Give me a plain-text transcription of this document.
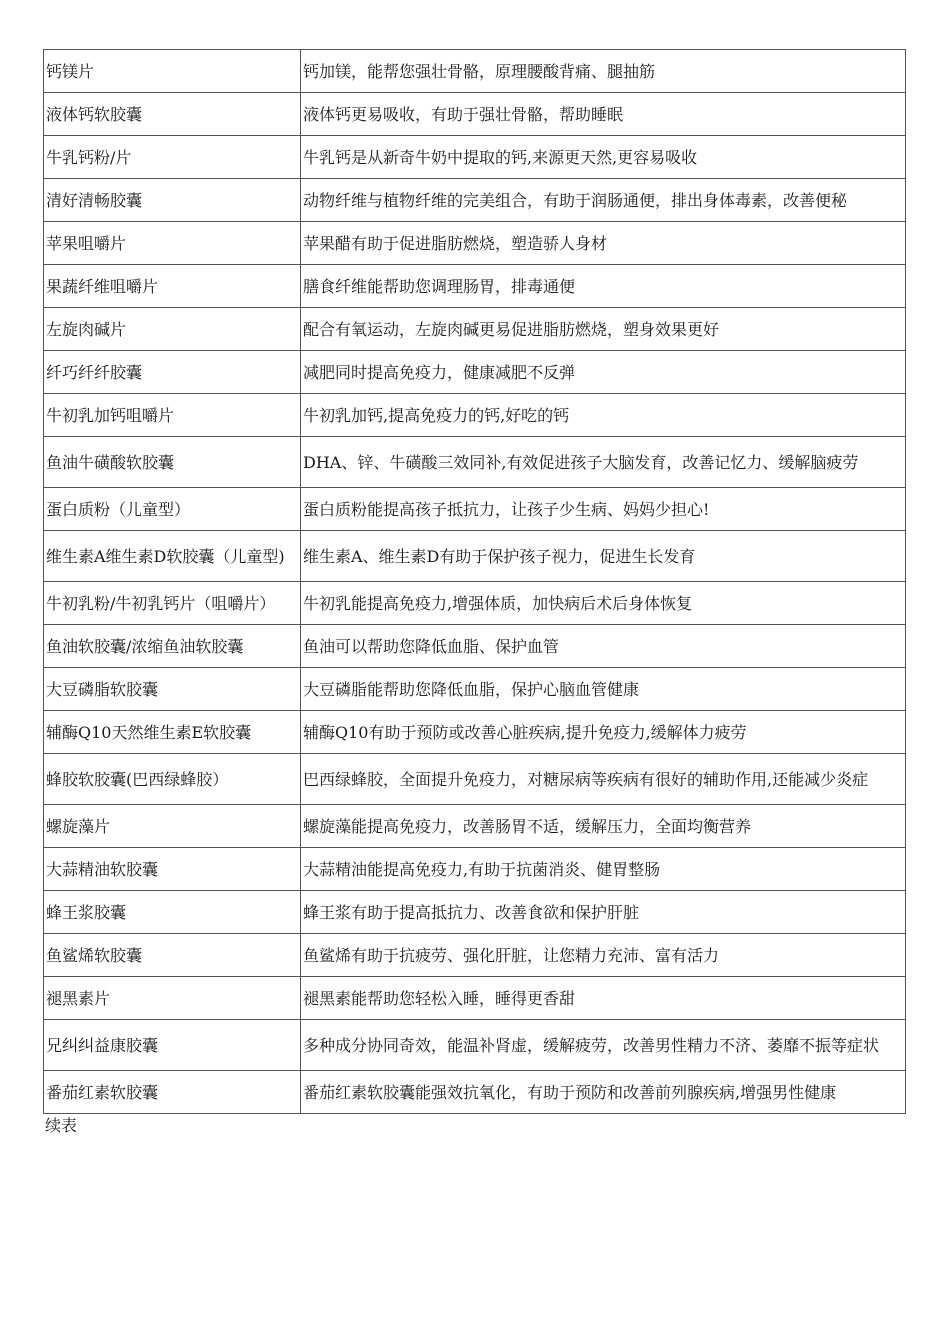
钙镁片	钙加镁，能帮您强壮骨骼，原理腰酸背痛、腿抽筋
液体钙软胶囊	液体钙更易吸收，有助于强壮骨骼，帮助睡眠
牛乳钙粉/片	牛乳钙是从新奇牛奶中提取的钙,来源更天然,更容易吸收
清好清畅胶囊	动物纤维与植物纤维的完美组合，有助于润肠通便，排出身体毒素，改善便秘
苹果咀嚼片	苹果醋有助于促进脂肪燃烧，塑造骄人身材
果蔬纤维咀嚼片	膳食纤维能帮助您调理肠胃，排毒通便
左旋肉碱片	配合有氧运动，左旋肉碱更易促进脂肪燃烧，塑身效果更好
纤巧纤纤胶囊	减肥同时提高免疫力，健康减肥不反弹
牛初乳加钙咀嚼片	牛初乳加钙,提高免疫力的钙,好吃的钙
鱼油牛磺酸软胶囊	DHA、锌、牛磺酸三效同补,有效促进孩子大脑发育，改善记忆力、缓解脑疲劳
蛋白质粉（儿童型）	蛋白质粉能提高孩子抵抗力，让孩子少生病、妈妈少担心!
维生素A维生素D软胶囊（儿童型)	维生素A、维生素D有助于保护孩子视力，促进生长发育
牛初乳粉/牛初乳钙片（咀嚼片）	牛初乳能提高免疫力,增强体质，加快病后术后身体恢复
鱼油软胶囊/浓缩鱼油软胶囊	鱼油可以帮助您降低血脂、保护血管
大豆磷脂软胶囊	大豆磷脂能帮助您降低血脂，保护心脑血管健康
辅酶Q10天然维生素E软胶囊	辅酶Q10有助于预防或改善心脏疾病,提升免疫力,缓解体力疲劳
蜂胶软胶囊(巴西绿蜂胶）	巴西绿蜂胶，全面提升免疫力，对糖尿病等疾病有很好的辅助作用,还能减少炎症
螺旋藻片	螺旋藻能提高免疫力，改善肠胃不适，缓解压力，全面均衡营养
大蒜精油软胶囊	大蒜精油能提高免疫力,有助于抗菌消炎、健胃整肠
蜂王浆胶囊	蜂王浆有助于提高抵抗力、改善食欲和保护肝脏
鱼鲨烯软胶囊	鱼鲨烯有助于抗疲劳、强化肝脏，让您精力充沛、富有活力
褪黑素片	褪黑素能帮助您轻松入睡，睡得更香甜
兄纠纠益康胶囊	多种成分协同奇效，能温补肾虚，缓解疲劳，改善男性精力不济、萎靡不振等症状
番茄红素软胶囊	番茄红素软胶囊能强效抗氧化，有助于预防和改善前列腺疾病,增强男性健康
续表
